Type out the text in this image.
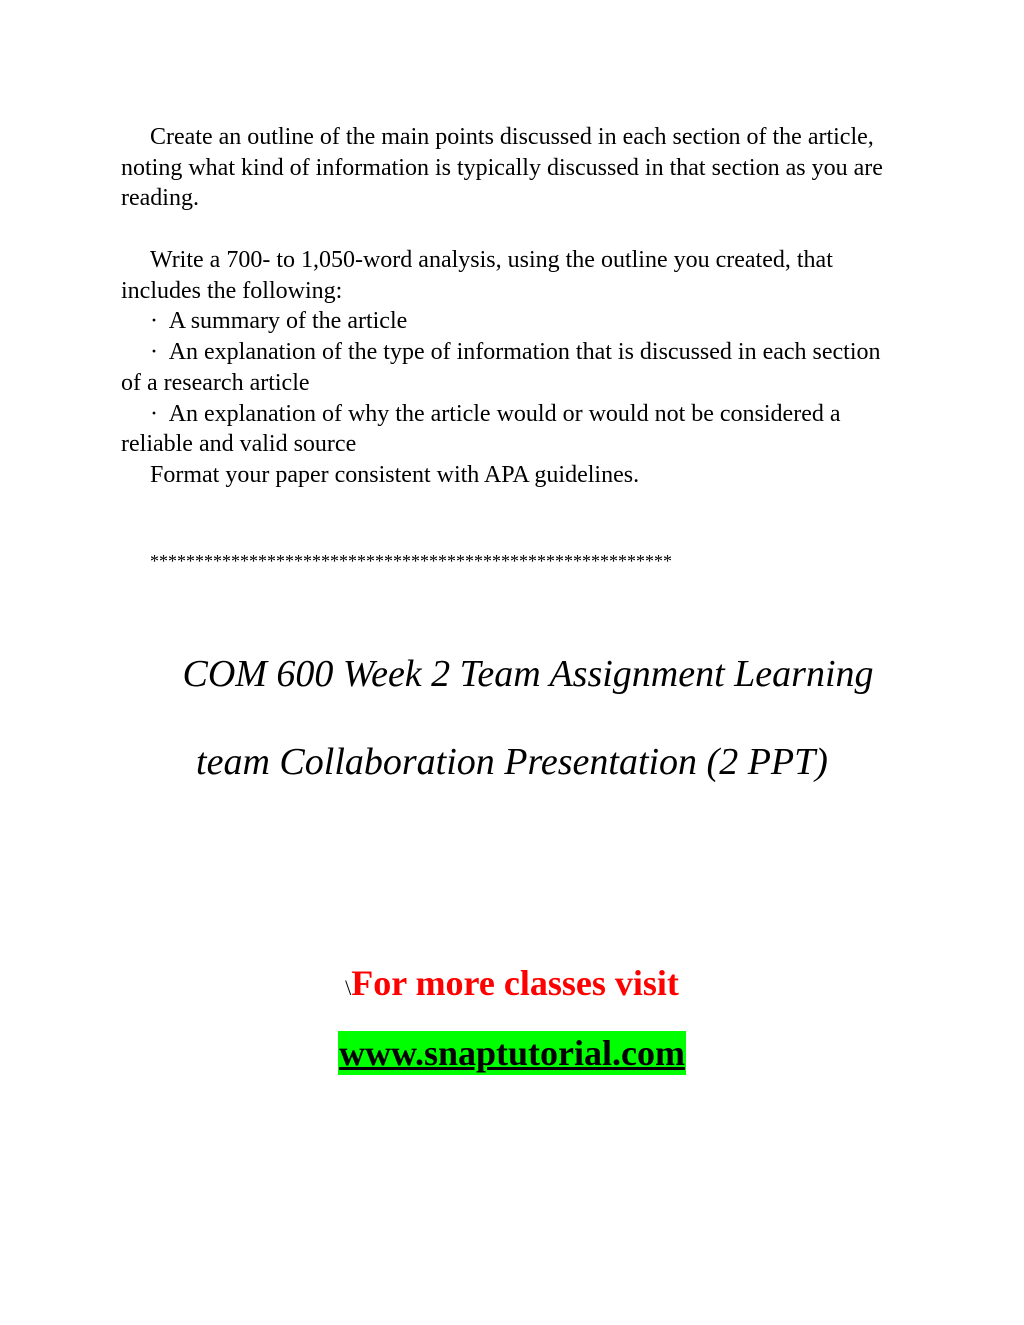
Create an outline of the main points discussed in each section of the article, noting what kind of information is typically discussed in that section as you are reading.
Write a 700- to 1,050-word analysis, using the outline you created, that includes the following:
· A summary of the article
· An explanation of the type of information that is discussed in each section of a research article
· An explanation of why the article would or would not be considered a reliable and valid source
Format your paper consistent with APA guidelines.

**********************************************************

COM 600 Week 2 Team Assignment Learning

team Collaboration Presentation (2 PPT)

\For more classes visit

www.snaptutorial.com
